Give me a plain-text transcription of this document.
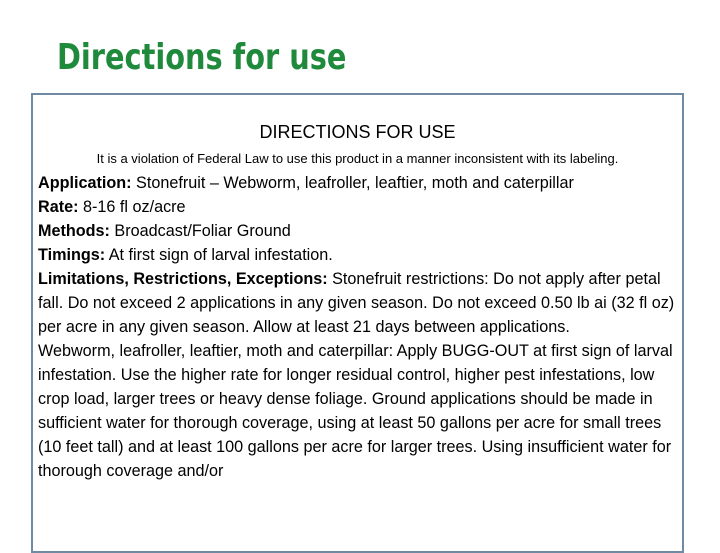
Directions for use

DIRECTIONS FOR USE

It is a violation of Federal Law to use this product in a manner inconsistent with its labeling.

Application: Stonefruit – Webworm, leafroller, leaftier, moth and caterpillar

Rate: 8-16 fl oz/acre

Methods: Broadcast/Foliar Ground

Timings: At first sign of larval infestation.

Limitations, Restrictions, Exceptions: Stonefruit restrictions: Do not apply after petal fall. Do not exceed 2 applications in any given season. Do not exceed 0.50 lb ai (32 fl oz) per acre in any given season. Allow at least 21 days between applications.

Webworm, leafroller, leaftier, moth and caterpillar: Apply BUGG-OUT at first sign of larval infestation. Use the higher rate for longer residual control, higher pest infestations, low crop load, larger trees or heavy dense foliage. Ground applications should be made in sufficient water for thorough coverage, using at least 50 gallons per acre for small trees (10 feet tall) and at least 100 gallons per acre for larger trees. Using insufficient water for thorough coverage and/or
